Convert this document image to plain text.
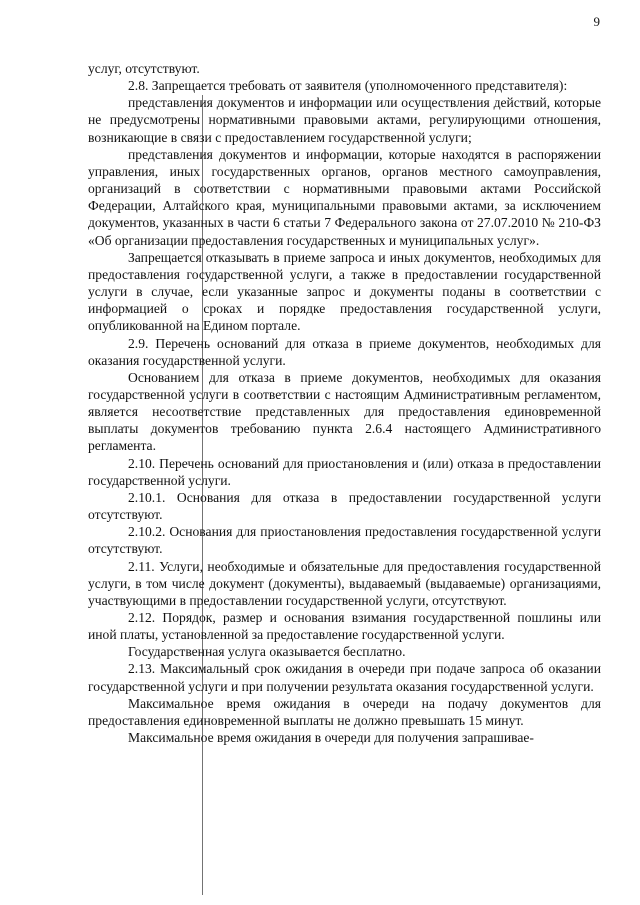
9

услуг, отсутствуют.

2.8. Запрещается требовать от заявителя (уполномоченного представителя):

представления документов и информации или осуществления действий, которые не предусмотрены нормативными правовыми актами, регулирующими отношения, возникающие в связи с предоставлением государственной услуги;

представления документов и информации, которые находятся в распоряжении управления, иных государственных органов, органов местного самоуправления, организаций в соответствии с нормативными правовыми актами Российской Федерации, Алтайского края, муниципальными правовыми актами, за исключением документов, указанных в части 6 статьи 7 Федерального закона от 27.07.2010 № 210-ФЗ «Об организации предоставления государственных и муниципальных услуг».

Запрещается отказывать в приеме запроса и иных документов, необходимых для предоставления государственной услуги, а также в предоставлении государственной услуги в случае, если указанные запрос и документы поданы в соответствии с информацией о сроках и порядке предоставления государственной услуги, опубликованной на Едином портале.

2.9. Перечень оснований для отказа в приеме документов, необходимых для оказания государственной услуги.

Основанием для отказа в приеме документов, необходимых для оказания государственной услуги в соответствии с настоящим Административным регламентом, является несоответствие представленных для предоставления единовременной выплаты документов требованию пункта 2.6.4 настоящего Административного регламента.

2.10. Перечень оснований для приостановления и (или) отказа в предоставлении государственной услуги.

2.10.1. Основания для отказа в предоставлении государственной услуги отсутствуют.

2.10.2. Основания для приостановления предоставления государственной услуги отсутствуют.

2.11. Услуги, необходимые и обязательные для предоставления государственной услуги, в том числе документ (документы), выдаваемый (выдаваемые) организациями, участвующими в предоставлении государственной услуги, отсутствуют.

2.12. Порядок, размер и основания взимания государственной пошлины или иной платы, установленной за предоставление государственной услуги.

Государственная услуга оказывается бесплатно.

2.13. Максимальный срок ожидания в очереди при подаче запроса об оказании государственной услуги и при получении результата оказания государственной услуги.

Максимальное время ожидания в очереди на подачу документов для предоставления единовременной выплаты не должно превышать 15 минут.

Максимальное время ожидания в очереди для получения запрашивае-
